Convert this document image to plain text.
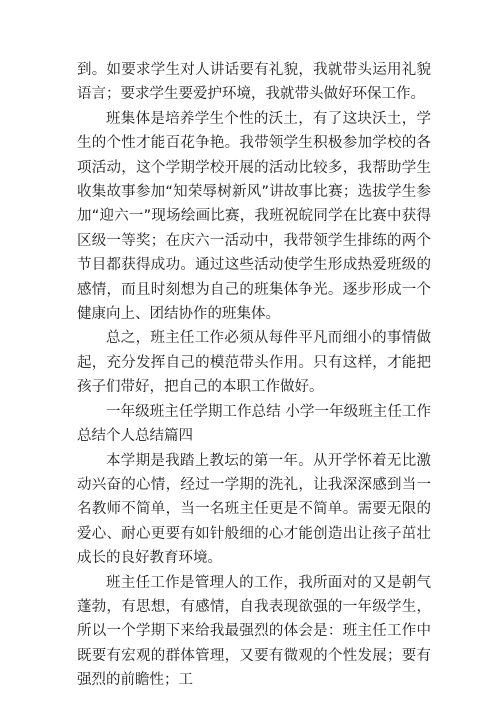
到。如要求学生对人讲话要有礼貌，我就带头运用礼貌语言；要求学生要爱护环境，我就带头做好环保工作。

班集体是培养学生个性的沃土，有了这块沃土，学生的个性才能百花争艳。我带领学生积极参加学校的各项活动，这个学期学校开展的活动比较多，我帮助学生收集故事参加“知荣辱树新风”讲故事比赛；选拔学生参加“迎六一”现场绘画比赛，我班祝皖同学在比赛中获得区级一等奖；在庆六一活动中，我带领学生排练的两个节目都获得成功。通过这些活动使学生形成热爱班级的感情，而且时刻想为自己的班集体争光。逐步形成一个健康向上、团结协作的班集体。

总之，班主任工作必须从每件平凡而细小的事情做起，充分发挥自己的模范带头作用。只有这样，才能把孩子们带好，把自己的本职工作做好。

一年级班主任学期工作总结 小学一年级班主任工作总结个人总结篇四

本学期是我踏上教坛的第一年。从开学怀着无比激动兴奋的心情，经过一学期的洗礼，让我深深感到当一名教师不简单，当一名班主任更是不简单。需要无限的爱心、耐心更要有如针般细的心才能创造出让孩子茁壮成长的良好教育环境。

班主任工作是管理人的工作，我所面对的又是朝气蓬勃，有思想，有感情，自我表现欲强的一年级学生，所以一个学期下来给我最强烈的体会是：班主任工作中既要有宏观的群体管理，又要有微观的个性发展；要有强烈的前瞻性；工
